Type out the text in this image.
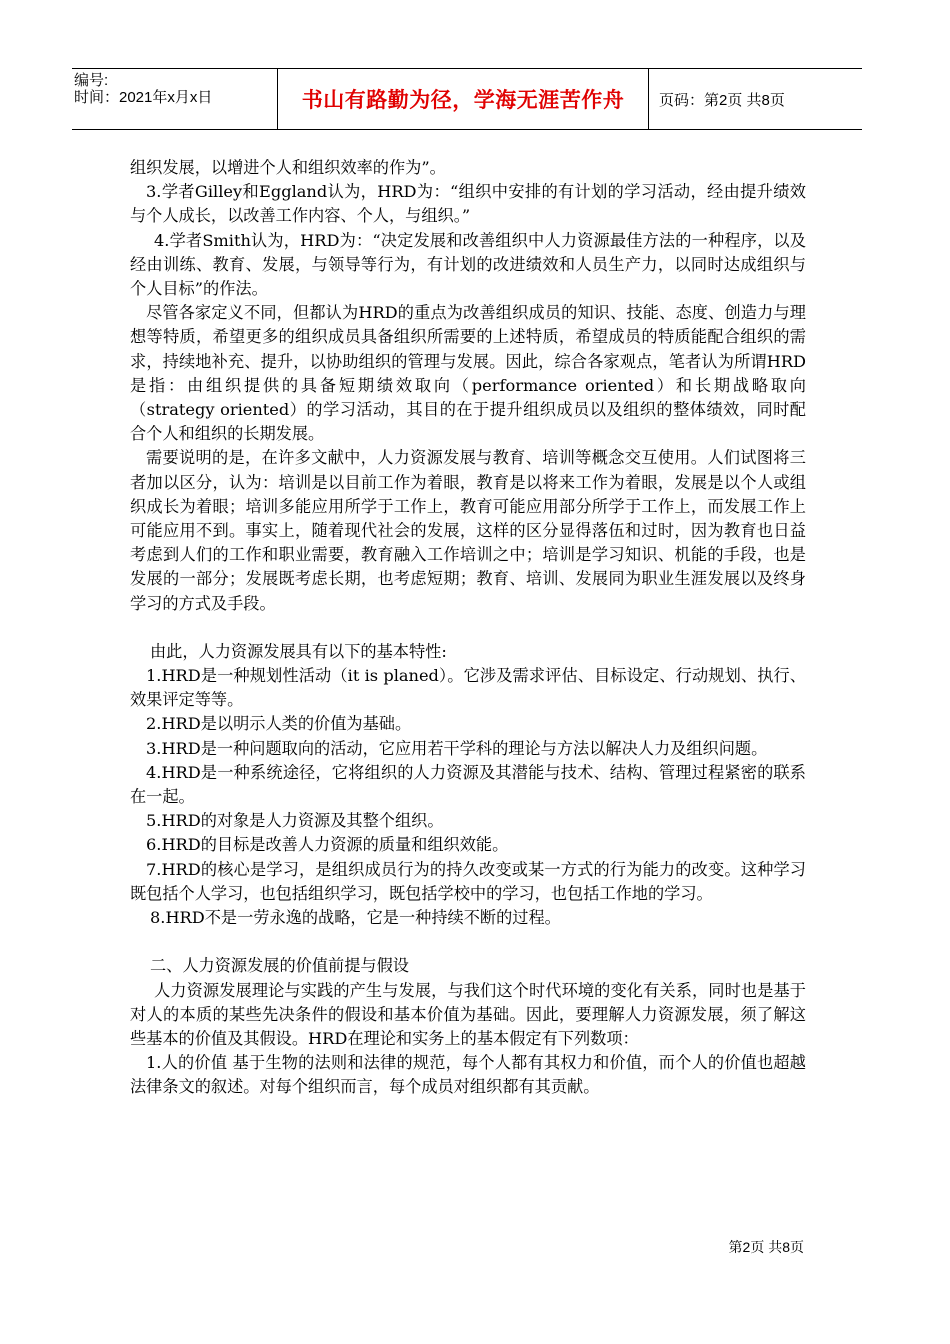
编号:
时间：2021年x月x日	书山有路勤为径，学海无涯苦作舟	页码：第2页 共8页

组织发展，以增进个人和组织效率的作为”。

3.学者Gilley和Eggland认为，HRD为：“组织中安排的有计划的学习活动，经由提升绩效与个人成长，以改善工作内容、个人，与组织。”

4.学者Smith认为，HRD为：“决定发展和改善组织中人力资源最佳方法的一种程序，以及经由训练、教育、发展，与领导等行为，有计划的改进绩效和人员生产力，以同时达成组织与个人目标”的作法。

尽管各家定义不同，但都认为HRD的重点为改善组织成员的知识、技能、态度、创造力与理想等特质，希望更多的组织成员具备组织所需要的上述特质，希望成员的特质能配合组织的需求，持续地补充、提升，以协助组织的管理与发展。因此，综合各家观点，笔者认为所谓HRD是指：由组织提供的具备短期绩效取向（performance oriented）和长期战略取向（strategy oriented）的学习活动，其目的在于提升组织成员以及组织的整体绩效，同时配合个人和组织的长期发展。

需要说明的是，在许多文献中，人力资源发展与教育、培训等概念交互使用。人们试图将三者加以区分，认为：培训是以目前工作为着眼，教育是以将来工作为着眼，发展是以个人或组织成长为着眼；培训多能应用所学于工作上，教育可能应用部分所学于工作上，而发展工作上可能应用不到。事实上，随着现代社会的发展，这样的区分显得落伍和过时，因为教育也日益考虑到人们的工作和职业需要，教育融入工作培训之中；培训是学习知识、机能的手段，也是发展的一部分；发展既考虑长期，也考虑短期；教育、培训、发展同为职业生涯发展以及终身学习的方式及手段。

由此，人力资源发展具有以下的基本特性:

1.HRD是一种规划性活动（it is planed）。它涉及需求评估、目标设定、行动规划、执行、效果评定等等。

2.HRD是以明示人类的价值为基础。

3.HRD是一种问题取向的活动，它应用若干学科的理论与方法以解决人力及组织问题。

4.HRD是一种系统途径，它将组织的人力资源及其潜能与技术、结构、管理过程紧密的联系在一起。

5.HRD的对象是人力资源及其整个组织。

6.HRD的目标是改善人力资源的质量和组织效能。

7.HRD的核心是学习，是组织成员行为的持久改变或某一方式的行为能力的改变。这种学习既包括个人学习，也包括组织学习，既包括学校中的学习，也包括工作地的学习。

8.HRD不是一劳永逸的战略，它是一种持续不断的过程。

二、人力资源发展的价值前提与假设

人力资源发展理论与实践的产生与发展，与我们这个时代环境的变化有关系，同时也是基于对人的本质的某些先决条件的假设和基本价值为基础。因此，要理解人力资源发展，须了解这些基本的价值及其假设。HRD在理论和实务上的基本假定有下列数项：

1.人的价值 基于生物的法则和法律的规范，每个人都有其权力和价值，而个人的价值也超越法律条文的叙述。对每个组织而言，每个成员对组织都有其贡献。

第2页 共8页
